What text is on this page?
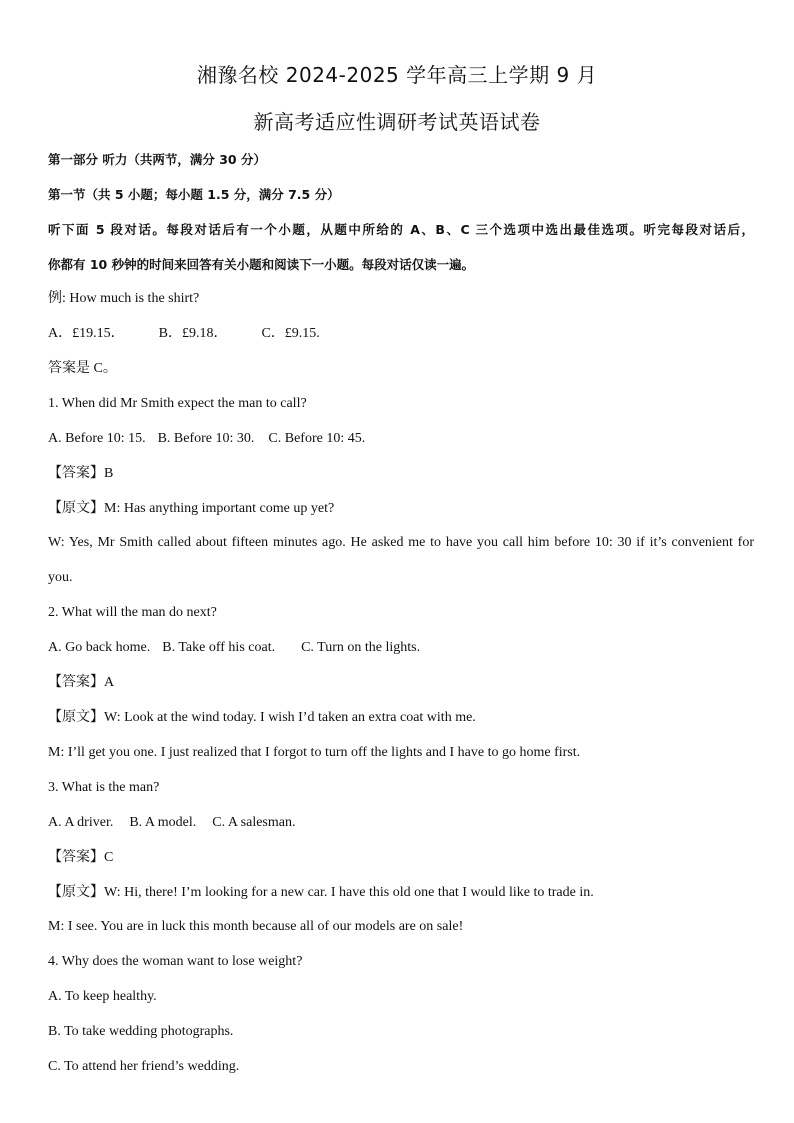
湘豫名校 2024-2025 学年高三上学期 9 月
新高考适应性调研考试英语试卷
第一部分 听力（共两节，满分 30 分）
第一节（共 5 小题；每小题 1.5 分，满分 7.5 分）
听下面 5 段对话。每段对话后有一个小题，从题中所给的 A、B、C 三个选项中选出最佳选项。听完每段对话后，
你都有 10 秒钟的时间来回答有关小题和阅读下一小题。每段对话仅读一遍。
例: How much is the shirt?
A．£19.15． B．£9.18． C．£9.15.
答案是 C。
1. When did Mr Smith expect the man to call?
A. Before 10: 15. B. Before 10: 30. C. Before 10: 45.
【答案】B
【原文】M: Has anything important come up yet?
W: Yes, Mr Smith called about fifteen minutes ago. He asked me to have you call him before 10: 30 if it’s convenient for
you.
2. What will the man do next?
A. Go back home. B. Take off his coat. C. Turn on the lights.
【答案】A
【原文】W: Look at the wind today. I wish I’d taken an extra coat with me.
M: I’ll get you one. I just realized that I forgot to turn off the lights and I have to go home first.
3. What is the man?
A. A driver. B. A model. C. A salesman.
【答案】C
【原文】W: Hi, there! I’m looking for a new car. I have this old one that I would like to trade in.
M: I see. You are in luck this month because all of our models are on sale!
4. Why does the woman want to lose weight?
A. To keep healthy.
B. To take wedding photographs.
C. To attend her friend’s wedding.
